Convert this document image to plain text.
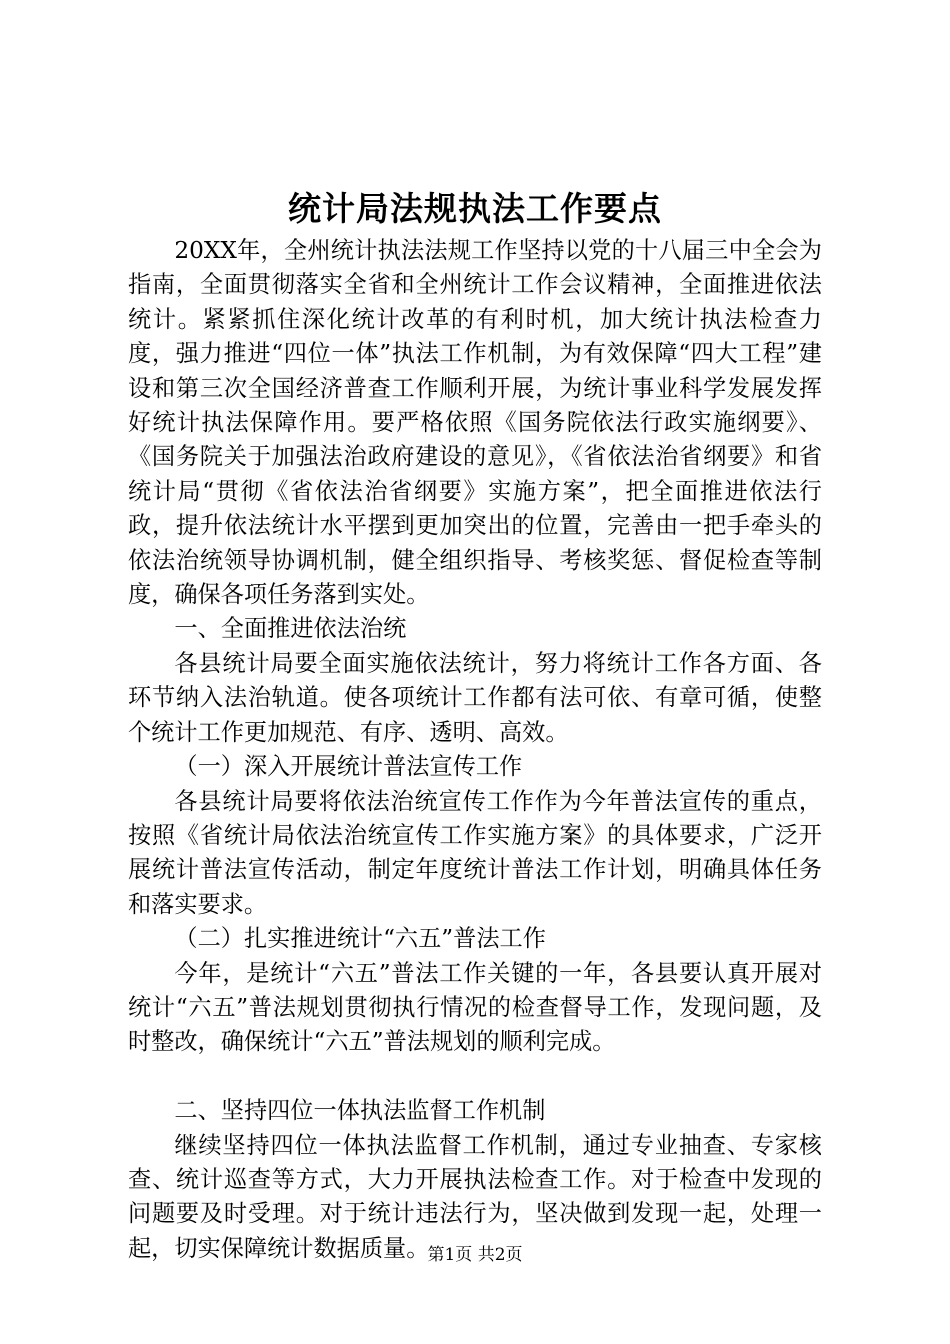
统计局法规执法工作要点

20XX年，全州统计执法法规工作坚持以党的十八届三中全会为指南，全面贯彻落实全省和全州统计工作会议精神，全面推进依法统计。紧紧抓住深化统计改革的有利时机，加大统计执法检查力度，强力推进“四位一体”执法工作机制，为有效保障“四大工程”建设和第三次全国经济普查工作顺利开展，为统计事业科学发展发挥好统计执法保障作用。要严格依照《国务院依法行政实施纲要》、《国务院关于加强法治政府建设的意见》，《省依法治省纲要》和省统计局“贯彻《省依法治省纲要》实施方案”，把全面推进依法行政，提升依法统计水平摆到更加突出的位置，完善由一把手牵头的依法治统领导协调机制，健全组织指导、考核奖惩、督促检查等制度，确保各项任务落到实处。

一、全面推进依法治统

各县统计局要全面实施依法统计，努力将统计工作各方面、各环节纳入法治轨道。使各项统计工作都有法可依、有章可循，使整个统计工作更加规范、有序、透明、高效。

（一）深入开展统计普法宣传工作

各县统计局要将依法治统宣传工作作为今年普法宣传的重点，按照《省统计局依法治统宣传工作实施方案》的具体要求，广泛开展统计普法宣传活动，制定年度统计普法工作计划，明确具体任务和落实要求。

（二）扎实推进统计“六五”普法工作

今年，是统计“六五”普法工作关键的一年，各县要认真开展对统计“六五”普法规划贯彻执行情况的检查督导工作，发现问题，及时整改，确保统计“六五”普法规划的顺利完成。

二、坚持四位一体执法监督工作机制

继续坚持四位一体执法监督工作机制，通过专业抽查、专家核查、统计巡查等方式，大力开展执法检查工作。对于检查中发现的问题要及时受理。对于统计违法行为，坚决做到发现一起，处理一起，切实保障统计数据质量。

第1页 共2页
